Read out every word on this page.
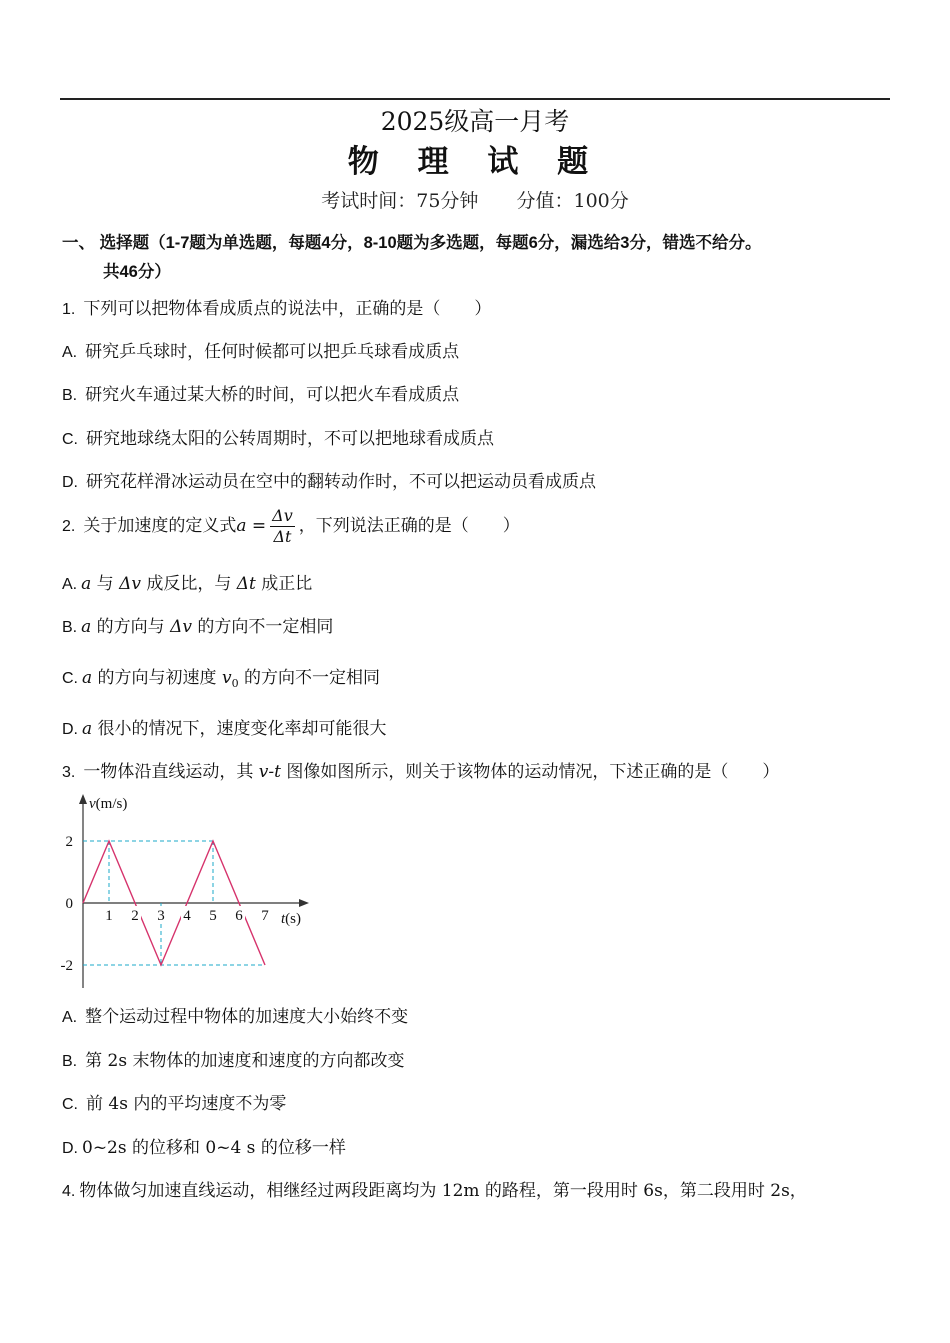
2025级高一月考
物 理 试 题
考试时间：75分钟 分值：100分
一、 选择题（1-7题为单选题，每题4分，8-10题为多选题，每题6分，漏选给3分，错选不给分。
共46分）
1. 下列可以把物体看成质点的说法中，正确的是（　　）
A. 研究乒乓球时，任何时候都可以把乒乓球看成质点
B. 研究火车通过某大桥的时间，可以把火车看成质点
C. 研究地球绕太阳的公转周期时，不可以把地球看成质点
D. 研究花样滑冰运动员在空中的翻转动作时，不可以把运动员看成质点
2. 关于加速度的定义式$a = \frac{\Delta v}{\Delta t}$ ，下列说法正确的是（　　）
A. a 与 Δv 成反比，与 Δt 成正比
B. a 的方向与 Δv 的方向不一定相同
C. a 的方向与初速度 $v_0$ 的方向不一定相同
D. a 很小的情况下，速度变化率却可能很大
3. 一物体沿直线运动，其 v-t 图像如图所示，则关于该物体的运动情况，下述正确的是（　　）
2
0
-2
1 2 3 4 5 6 7
v(m/s)
t(s)
A. 整个运动过程中物体的加速度大小始终不变
B. 第 2s 末物体的加速度和速度的方向都改变
C. 前 4s 内的平均速度不为零
D. 0~2s 的位移和 0~4 s 的位移一样
4. 物体做匀加速直线运动，相继经过两段距离均为 12m 的路程，第一段用时 6s，第二段用时 2s，
